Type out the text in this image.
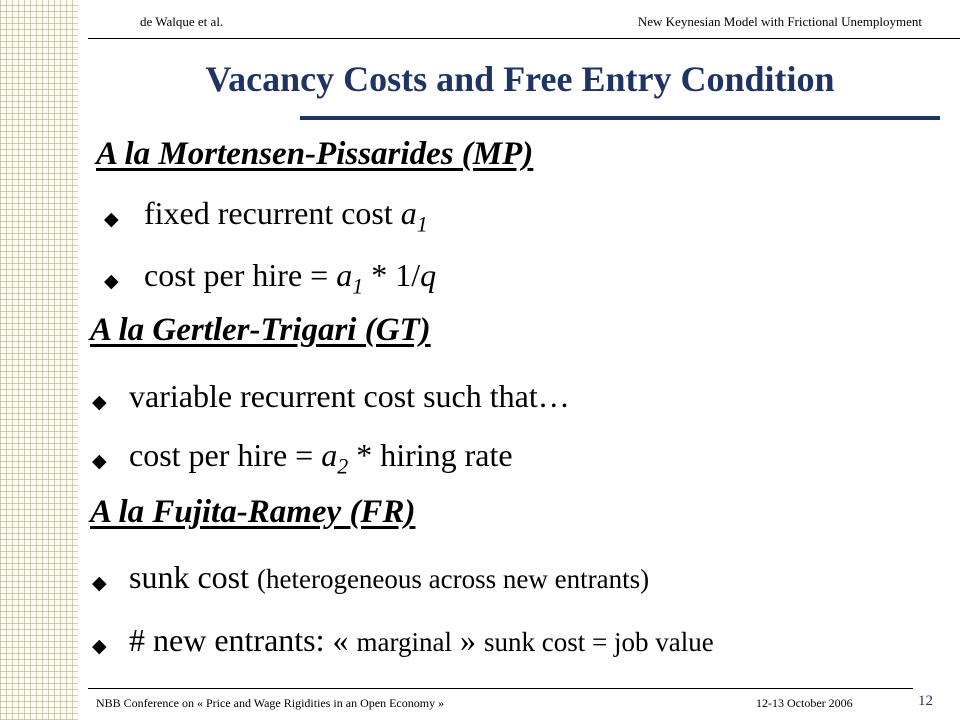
de Walque et al.	New Keynesian Model with Frictional Unemployment
Vacancy Costs and Free Entry Condition
A la Mortensen-Pissarides (MP)
◆ fixed recurrent cost $a_1$
◆ cost per hire = $a_1 * 1/q$
A la Gertler-Trigari (GT)
◆ variable recurrent cost such that…
◆ cost per hire = $a_2$ * hiring rate
A la Fujita-Ramey (FR)
◆ sunk cost (heterogeneous across new entrants)
◆ # new entrants: « marginal » sunk cost = job value
NBB Conference on « Price and Wage Rigidities in an Open Economy »	12-13 October 2006	12
